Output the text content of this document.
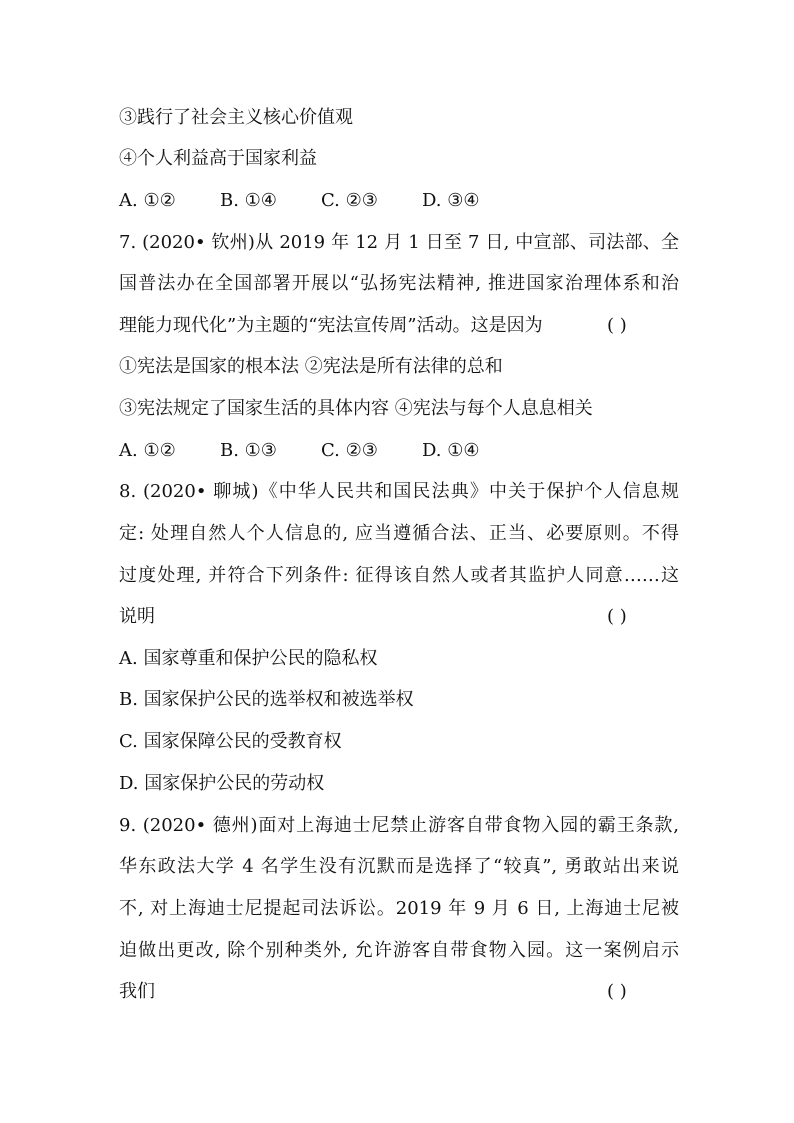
③践行了社会主义核心价值观
④个人利益高于国家利益
A. ①②	B. ①④	C. ②③	D. ③④
7. (2020• 钦州)从 2019 年 12 月 1 日至 7 日, 中宣部、司法部、全
国普法办在全国部署开展以“弘扬宪法精神, 推进国家治理体系和治
理能力现代化”为主题的“宪法宣传周”活动。这是因为	( )
①宪法是国家的根本法 ②宪法是所有法律的总和
③宪法规定了国家生活的具体内容 ④宪法与每个人息息相关
A. ①②	B. ①③	C. ②③	D. ①④
8. (2020• 聊城)《中华人民共和国民法典》中关于保护个人信息规
定: 处理自然人个人信息的, 应当遵循合法、正当、必要原则。不得
过度处理, 并符合下列条件: 征得该自然人或者其监护人同意……这
说明	( )
A. 国家尊重和保护公民的隐私权
B. 国家保护公民的选举权和被选举权
C. 国家保障公民的受教育权
D. 国家保护公民的劳动权
9. (2020• 德州)面对上海迪士尼禁止游客自带食物入园的霸王条款,
华东政法大学 4 名学生没有沉默而是选择了“较真”, 勇敢站出来说
不, 对上海迪士尼提起司法诉讼。2019 年 9 月 6 日, 上海迪士尼被
迫做出更改, 除个别种类外, 允许游客自带食物入园。这一案例启示
我们	( )
